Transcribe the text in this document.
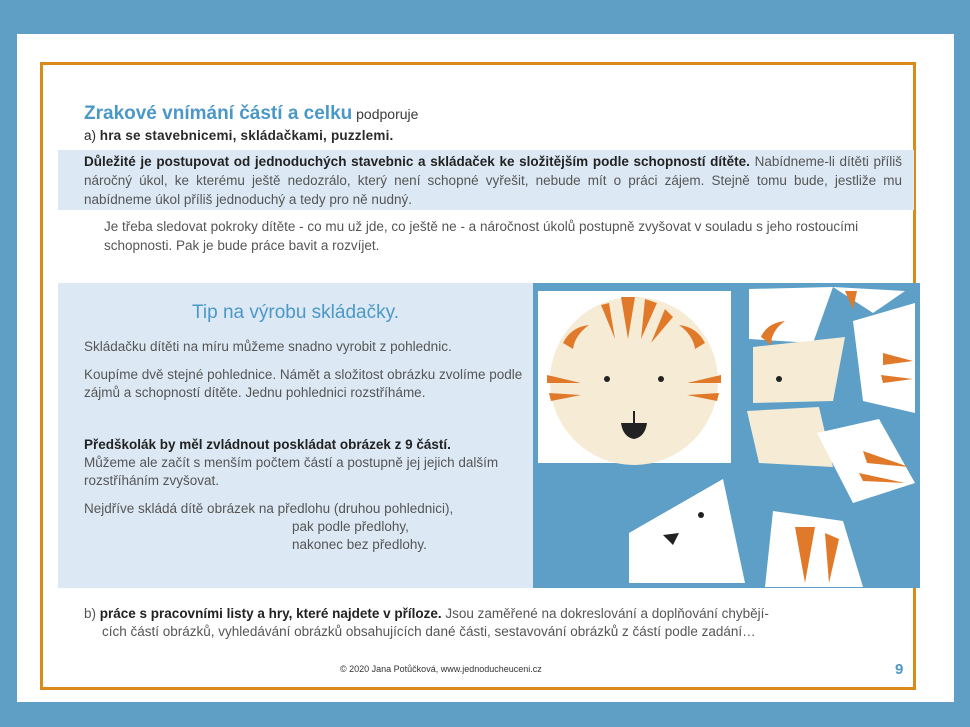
Zrakové vnímání částí a celku podporuje
a) hra se stavebnicemi, skládačkami, puzzlemi.
Důležité je postupovat od jednoduchých stavebnic a skládaček ke složitějším podle schopností dítěte. Nabídneme-li dítěti příliš náročný úkol, ke kterému ještě nedozrálo, který není schopné vyřešit, nebude mít o práci zájem. Stejně tomu bude, jestliže mu nabídneme úkol příliš jednoduchý a tedy pro ně nudný.
Je třeba sledovat pokroky dítěte - co mu už jde, co ještě ne - a náročnost úkolů postupně zvyšovat v souladu s jeho rostoucími schopnosti. Pak je bude práce bavit a rozvíjet.
Tip na výrobu skládačky.
Skládačku dítěti na míru můžeme snadno vyrobit z pohlednic.
Koupíme dvě stejné pohlednice. Námět a složitost obrázku zvolíme podle zájmů a schopností dítěte. Jednu pohlednici rozstříháme.
Předškolák by měl zvládnout poskládat obrázek z 9 částí.
Můžeme ale začít s menším počtem částí a postupně jej jejich dalším rozstříháním zvyšovat.
Nejdříve skládá dítě obrázek na předlohu (druhou pohlednici),
pak podle předlohy,
nakonec bez předlohy.
b) práce s pracovními listy a hry, které najdete v příloze. Jsou zaměřené na dokreslování a doplňování chybějí-
cích částí obrázků, vyhledávání obrázků obsahujících dané části, sestavování obrázků z částí podle zadání…
© 2020 Jana Potůčková, www.jednoducheuceni.cz	9
